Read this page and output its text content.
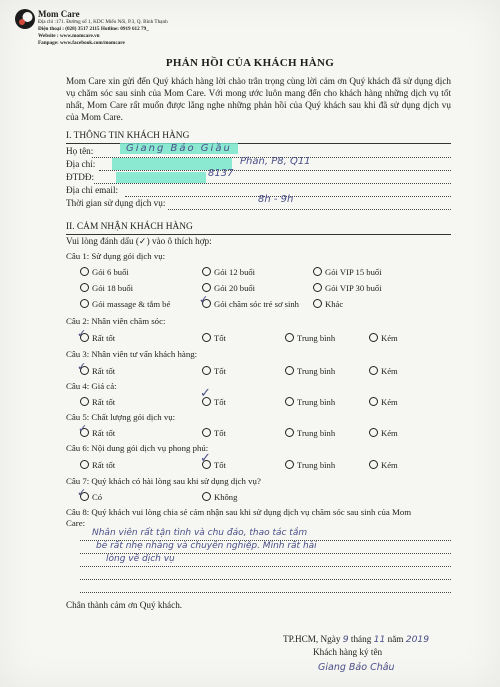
Mom Care
Địa chỉ :171. Đường số 1, KDC Miếu Nổi, P.3, Q. Bình Thạnh
Điện thoại : (028) 3517 2115 Hotline: 0919 612 79_
Website : www.momcare.vn
Fanpage: www.facebook.com/momcare
PHẢN HỒI CỦA KHÁCH HÀNG
Mom Care xin gửi đến Quý khách hàng lời chào trân trọng cùng lời cảm ơn Quý khách đã sử dụng dịch vụ chăm sóc sau sinh của Mom Care. Với mong ước luôn mang đến cho khách hàng những dịch vụ tốt nhất, Mom Care rất muốn được lắng nghe những phản hồi của Quý khách sau khi đã sử dụng dịch vụ của Mom Care.
I. THÔNG TIN KHÁCH HÀNG
Họ tên:	Giang Bảo Giầu
Địa chỉ:	Phan, P8, Q11
ĐTDĐ:	8137
Địa chỉ email:
Thời gian sử dụng dịch vụ:	8h - 9h
II. CẢM NHẬN KHÁCH HÀNG
Vui lòng đánh dấu (✓) vào ô thích hợp:
Câu 1: Sử dụng gói dịch vụ:
Gói 6 buổi	Gói 12 buổi	Gói VIP 15 buổi
Gói 18 buổi	Gói 20 buổi	Gói VIP 30 buổi
Gói massage & tắm bé	Gói chăm sóc trẻ sơ sinh	Khác
✓
Câu 2: Nhân viên chăm sóc:
Rất tốt	Tốt	Trung bình	Kém
✓
Câu 3: Nhân viên tư vấn khách hàng:
Rất tốt	Tốt	Trung bình	Kém
✓
Câu 4: Giá cả:
Rất tốt	Tốt	Trung bình	Kém
✓
Câu 5: Chất lượng gói dịch vụ:
Rất tốt	Tốt	Trung bình	Kém
✓
Câu 6: Nội dung gói dịch vụ phong phú:
Rất tốt	Tốt	Trung bình	Kém
✓
Câu 7: Quý khách có hài lòng sau khi sử dụng dịch vụ?
Có	Không
✓
Câu 8: Quý khách vui lòng chia sẻ cảm nhận sau khi sử dụng dịch vụ chăm sóc sau sinh của Mom Care:
Nhân viên rất tận tình và chu đáo, thao tác tắm
bé rất nhẹ nhàng và chuyên nghiệp. Mình rất hài
lòng về dịch vụ
Chân thành cảm ơn Quý khách.
TP.HCM, Ngày 9 tháng 11 năm 2019
Khách hàng ký tên
Giang Bảo Châu
